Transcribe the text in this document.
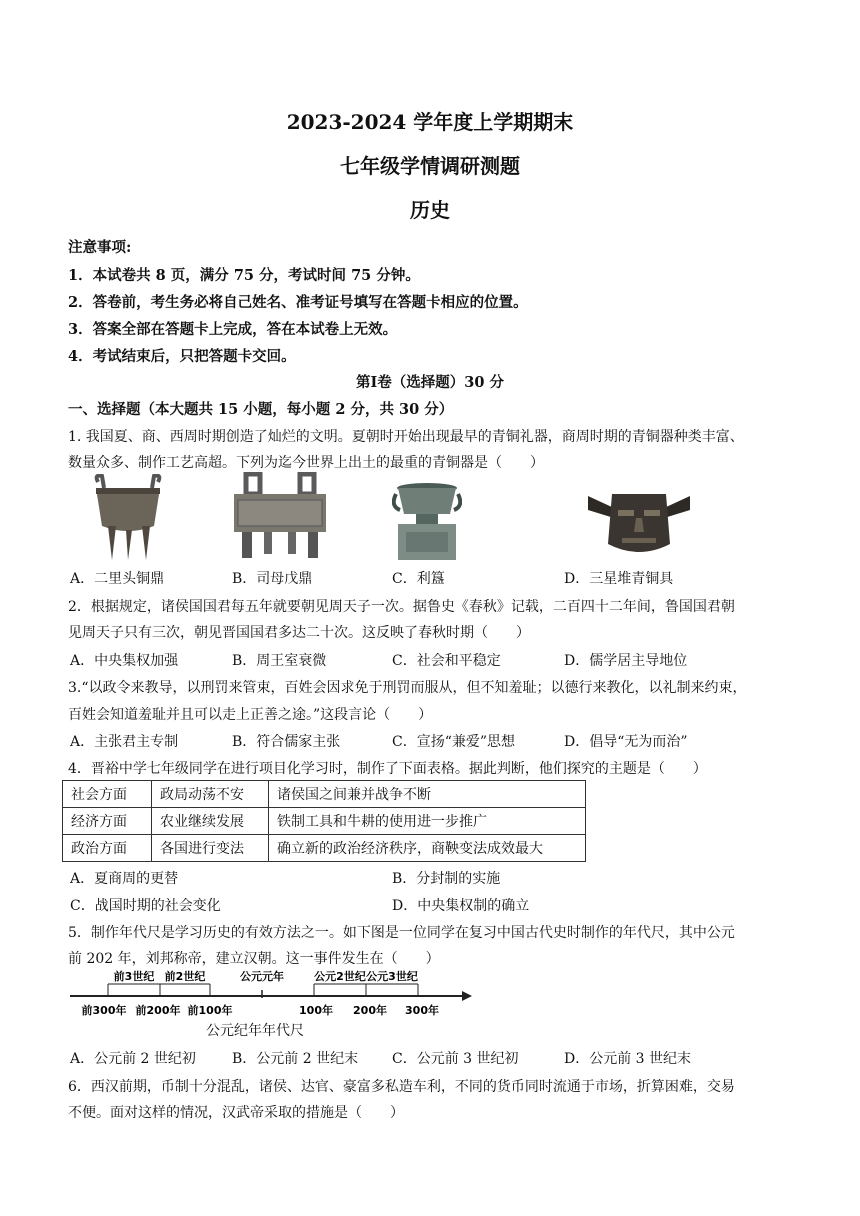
2023-2024 学年度上学期期末
七年级学情调研测题
历史
注意事项:
1．本试卷共 8 页，满分 75 分，考试时间 75 分钟。
2．答卷前，考生务必将自己姓名、准考证号填写在答题卡相应的位置。
3．答案全部在答题卡上完成，答在本试卷上无效。
4．考试结束后，只把答题卡交回。
第Ⅰ卷（选择题）30 分
一、选择题（本大题共 15 小题，每小题 2 分，共 30 分）
1. 我国夏、商、西周时期创造了灿烂的文明。夏朝时开始出现最早的青铜礼器，商周时期的青铜器种类丰富、
数量众多、制作工艺高超。下列为迄今世界上出土的最重的青铜器是（　　）
A．二里头铜鼎	B．司母戊鼎	C．利簋	D．三星堆青铜具
2．根据规定，诸侯国国君每五年就要朝见周天子一次。据鲁史《春秋》记载，二百四十二年间，鲁国国君朝
见周天子只有三次，朝见晋国国君多达二十次。这反映了春秋时期（　　）
A．中央集权加强	B．周王室衰微	C．社会和平稳定	D．儒学居主导地位
3.“以政令来教导，以刑罚来管束，百姓会因求免于刑罚而服从，但不知羞耻；以德行来教化，以礼制来约束，
百姓会知道羞耻并且可以走上正善之途。”这段言论（　　）
A．主张君主专制	B．符合儒家主张	C．宣扬“兼爱”思想	D．倡导“无为而治”
4．晋裕中学七年级同学在进行项目化学习时，制作了下面表格。据此判断，他们探究的主题是（　　）
社会方面	政局动荡不安	诸侯国之间兼并战争不断
经济方面	农业继续发展	铁制工具和牛耕的使用进一步推广
政治方面	各国进行变法	确立新的政治经济秩序，商鞅变法成效最大
A．夏商周的更替	B．分封制的实施
C．战国时期的社会变化	D．中央集权制的确立
5．制作年代尺是学习历史的有效方法之一。如下图是一位同学在复习中国古代史时制作的年代尺，其中公元
前 202 年，刘邦称帝，建立汉朝。这一事件发生在（　　）
前3世纪 前2世纪	公元元年	公元2世纪 公元3世纪
前300年 前200年 前100年	100年 200年 300年
公元纪年年代尺
A．公元前 2 世纪初	B．公元前 2 世纪末 C．公元前 3 世纪初	D．公元前 3 世纪末
6．西汉前期，币制十分混乱，诸侯、达官、豪富多私造车利，不同的货币同时流通于市场，折算困难，交易
不便。面对这样的情况，汉武帝采取的措施是（　　）
